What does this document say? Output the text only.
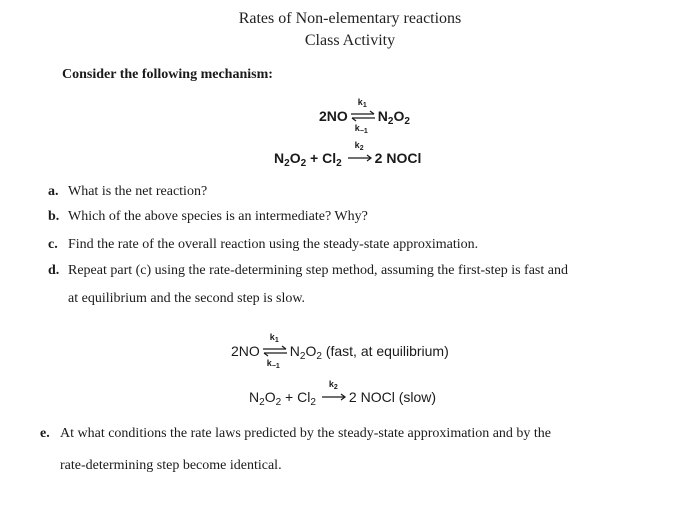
Rates of Non-elementary reactions
Class Activity
Consider the following mechanism:
2NO
$k_1$
$k_{-1}$
$N_2O_2$
$N_2O_2 + Cl_2$
$k_2$
2 NOCl
a. What is the net reaction?
b. Which of the above species is an intermediate? Why?
c. Find the rate of the overall reaction using the steady-state approximation.
d. Repeat part (c) using the rate-determining step method, assuming the first-step is fast and
at equilibrium and the second step is slow.
2NO
$k_1$
$k_{-1}$
$N_2O_2$ (fast, at equilibrium)
$N_2O_2 + Cl_2$
$k_2$
2 NOCl (slow)
e. At what conditions the rate laws predicted by the steady-state approximation and by the
rate-determining step become identical.
